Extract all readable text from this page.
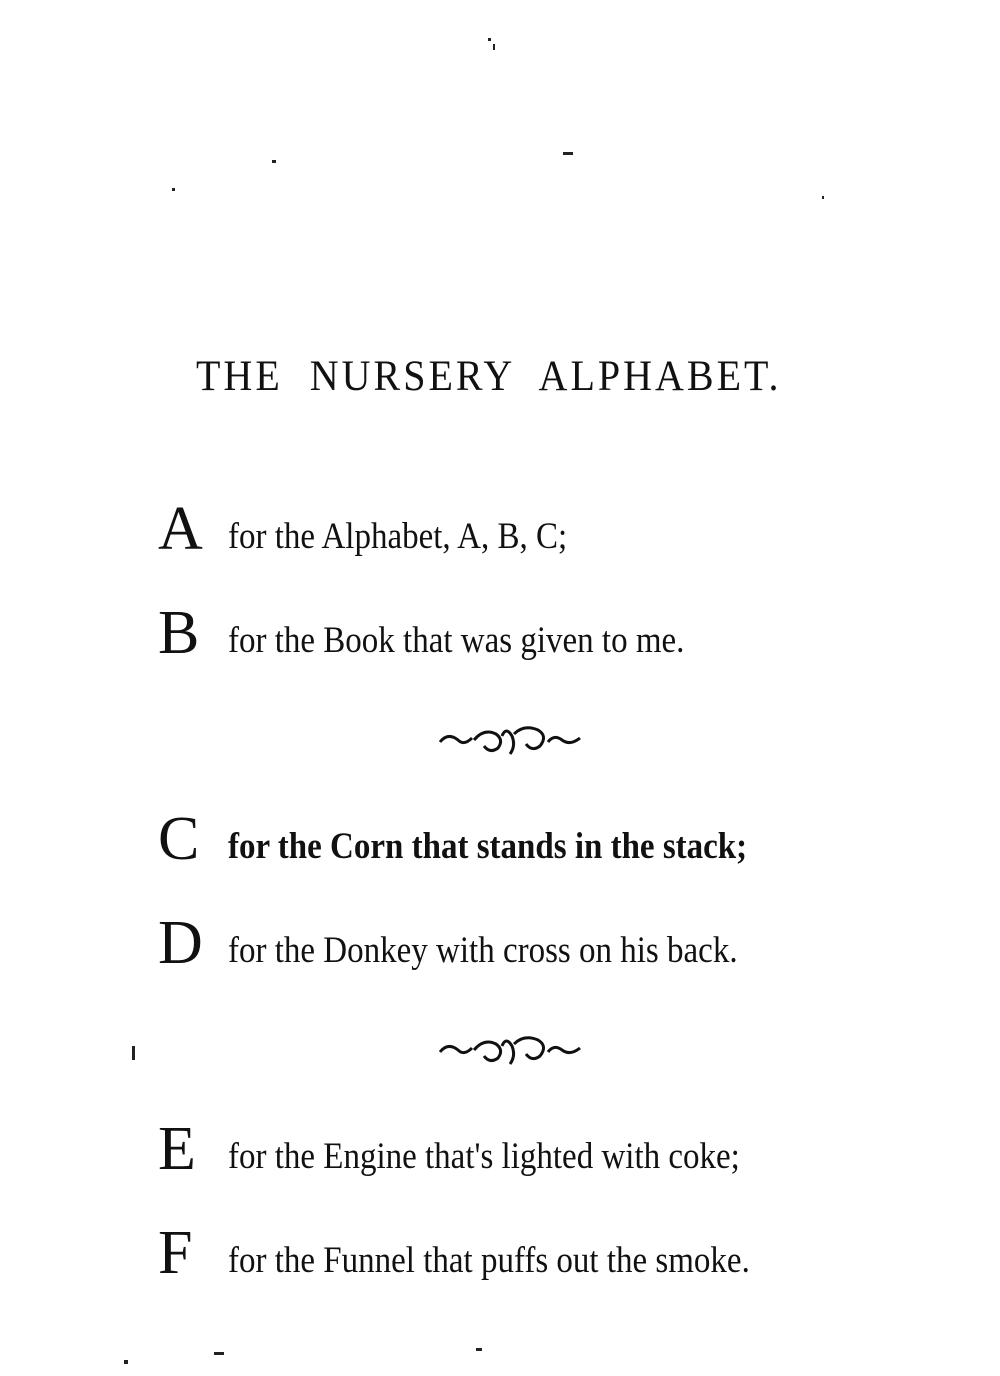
THE NURSERY ALPHABET.
A for the Alphabet, A, B, C;
B for the Book that was given to me.
C for the Corn that stands in the stack;
D for the Donkey with cross on his back.
E for the Engine that's lighted with coke;
F	for the Funnel that puffs out the smoke.
